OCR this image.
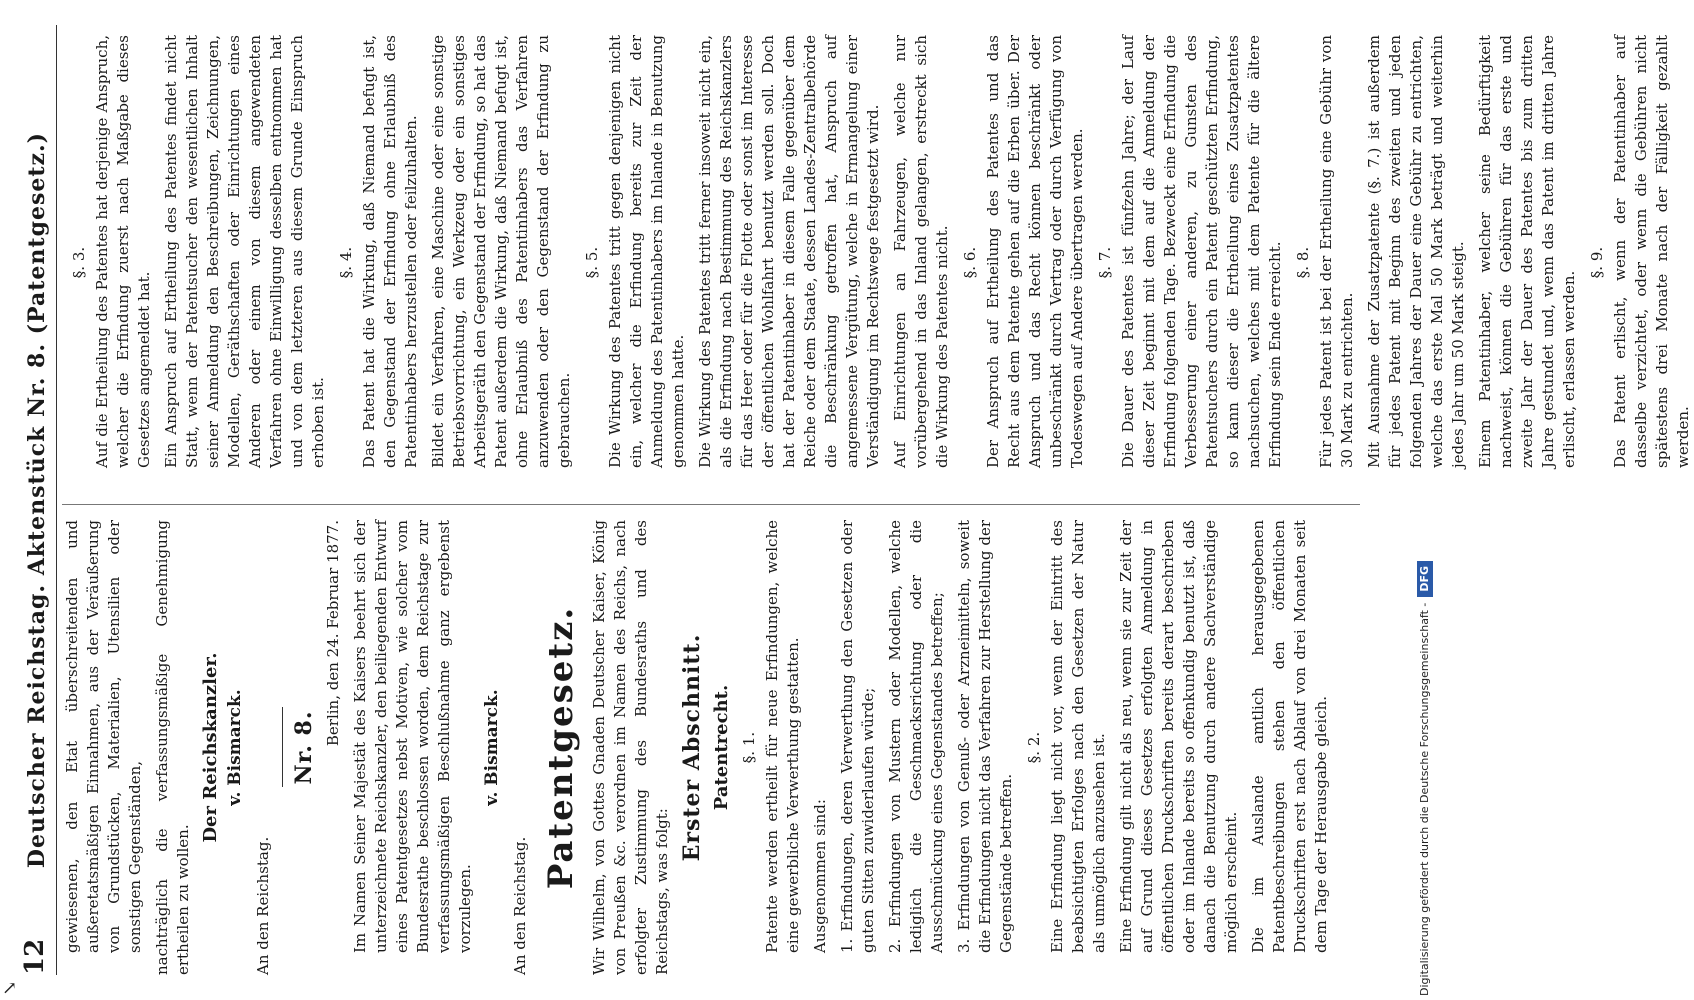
12
Deutscher Reichstag. Aktenstück Nr. 8. (Patentgesetz.) gewiesenen, den Etat überschreitenden und außeretatsmäßigen Einnahmen, aus der Veräußerung von Grundstücken, Materialien, Utensilien oder sonstigen Gegenständen, nachträglich die verfassungsmäßige Genehmigung ertheilen zu wollen.

Der Reichskanzler. v. Bismarck.

An den Reichstag.

Nr. 8.

Berlin, den 24. Februar 1877. Im Namen Seiner Majestät des Kaisers beehrt sich der unterzeichnete Reichskanzler, den beiliegenden Entwurf eines Patentgesetzes nebst Motiven, wie solcher vom Bundesrathe beschlossen worden, dem Reichstage zur verfassungsmäßigen Beschlußnahme ganz ergebenst vorzulegen.

v. Bismarck.

An den Reichstag.

Patentgesetz. Wir Wilhelm, von Gottes Gnaden Deutscher Kaiser, König von Preußen &c. verordnen im Namen des Reichs, nach erfolgter Zustimmung des Bundesraths und des Reichstags, was folgt:

Erster Abschnitt. Patentrecht. §. 1. Patente werden ertheilt für neue Erfindungen, welche eine gewerbliche Verwerthung gestatten. Ausgenommen sind: 1. Erfindungen, deren Verwerthung den Gesetzen oder guten Sitten zuwiderlaufen würde; 2. Erfindungen von Mustern oder Modellen, welche lediglich die Geschmacksrichtung oder die Ausschmückung eines Gegenstandes betreffen; 3. Erfindungen von Genuß- oder Arzneimitteln, soweit die Erfindungen nicht das Verfahren zur Herstellung der Gegenstände betreffen.

§. 2. Eine Erfindung liegt nicht vor, wenn der Eintritt des beabsichtigten Erfolges nach den Gesetzen der Natur als unmöglich anzusehen ist. Eine Erfindung gilt nicht als neu, wenn sie zur Zeit der auf Grund dieses Gesetzes erfolgten Anmeldung in öffentlichen Druckschriften bereits derart beschrieben oder im Inlande bereits so offenkundig benutzt ist, daß danach die Benutzung durch andere Sachverständige möglich erscheint. Die im Auslande amtlich herausgegebenen Patentbeschreibungen stehen den öffentlichen Druckschriften erst nach Ablauf von drei Monaten seit dem Tage der Herausgabe gleich.

§. 3. Auf die Ertheilung des Patentes hat derjenige Anspruch, welcher die Erfindung zuerst nach Maßgabe dieses Gesetzes angemeldet hat. Ein Anspruch auf Ertheilung des Patentes findet nicht Statt, wenn der Patentsucher den wesentlichen Inhalt seiner Anmeldung den Beschreibungen, Zeichnungen, Modellen, Geräthschaften oder Einrichtungen eines Anderen oder einem von diesem angewendeten Verfahren ohne Einwilligung desselben entnommen hat und von dem letzteren aus diesem Grunde Einspruch erhoben ist.

§. 4. Das Patent hat die Wirkung, daß Niemand befugt ist, den Gegenstand der Erfindung ohne Erlaubniß des Patentinhabers herzustellen oder feilzuhalten. Bildet ein Verfahren, eine Maschine oder eine sonstige Betriebsvorrichtung, ein Werkzeug oder ein sonstiges Arbeitsgeräth den Gegenstand der Erfindung, so hat das Patent außerdem die Wirkung, daß Niemand befugt ist, ohne Erlaubniß des Patentinhabers das Verfahren anzuwenden oder den Gegenstand der Erfindung zu gebrauchen.

§. 5. Die Wirkung des Patentes tritt gegen denjenigen nicht ein, welcher die Erfindung bereits zur Zeit der Anmeldung des Patentinhabers im Inlande in Benutzung genommen hatte. Die Wirkung des Patentes tritt ferner insoweit nicht ein, als die Erfindung nach Bestimmung des Reichskanzlers für das Heer oder für die Flotte oder sonst im Interesse der öffentlichen Wohlfahrt benutzt werden soll. Doch hat der Patentinhaber in diesem Falle gegenüber dem Reiche oder dem Staate, dessen Landes-Zentralbehörde die Beschränkung getroffen hat, Anspruch auf angemessene Vergütung, welche in Ermangelung einer Verständigung im Rechtswege festgesetzt wird. Auf Einrichtungen an Fahrzeugen, welche nur vorübergehend in das Inland gelangen, erstreckt sich die Wirkung des Patentes nicht. §. 6. Der Anspruch auf Ertheilung des Patentes und das Recht aus dem Patente gehen auf die Erben über. Der Anspruch und das Recht können beschränkt oder unbeschränkt durch Vertrag oder durch Verfügung von Todeswegen auf Andere übertragen werden. §. 7. Die Dauer des Patentes ist fünfzehn Jahre; der Lauf dieser Zeit beginnt mit dem auf die Anmeldung der Erfindung folgenden Tage. Bezweckt eine Erfindung die Verbesserung einer anderen, zu Gunsten des Patentsuchers durch ein Patent geschützten Erfindung, so kann dieser die Ertheilung eines Zusatzpatentes nachsuchen, welches mit dem Patente für die ältere Erfindung sein Ende erreicht. §. 8. Für jedes Patent ist bei der Ertheilung eine Gebühr von 30 Mark zu entrichten. Mit Ausnahme der Zusatzpatente (§. 7.) ist außerdem für jedes Patent mit Beginn des zweiten und jeden folgenden Jahres der Dauer eine Gebühr zu entrichten, welche das erste Mal 50 Mark beträgt und weiterhin jedes Jahr um 50 Mark steigt. Einem Patentinhaber, welcher seine Bedürftigkeit nachweist, können die Gebühren für das erste und zweite Jahr der Dauer des Patentes bis zum dritten Jahre gestundet und, wenn das Patent im dritten Jahre erlischt, erlassen werden.

§. 9. Das Patent erlischt, wenn der Patentinhaber auf dasselbe verzichtet, oder wenn die Gebühren nicht spätestens drei Monate nach der Fälligkeit gezahlt werden.

Digitalisierung gefördert durch die Deutsche Forschungsgemeinschaft -DFG
↗
